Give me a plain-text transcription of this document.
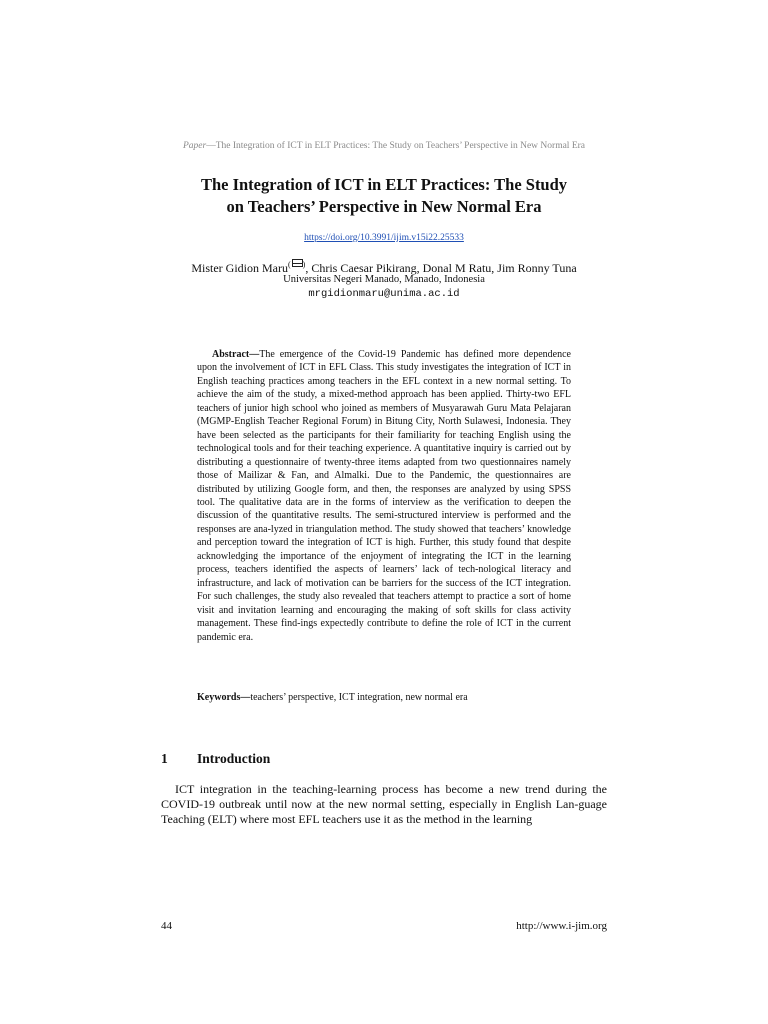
Paper—The Integration of ICT in ELT Practices: The Study on Teachers’ Perspective in New Normal Era
The Integration of ICT in ELT Practices: The Study
on Teachers’ Perspective in New Normal Era
https://doi.org/10.3991/ijim.v15i22.25533
Mister Gidion Maru( ), Chris Caesar Pikirang, Donal M Ratu, Jim Ronny Tuna
Universitas Negeri Manado, Manado, Indonesia
mrgidionmaru@unima.ac.id

Abstract—The emergence of the Covid-19 Pandemic has defined more dependence upon the involvement of ICT in EFL Class. This study investigates the integration of ICT in English teaching practices among teachers in the EFL context in a new normal setting. To achieve the aim of the study, a mixed-method approach has been applied. Thirty-two EFL teachers of junior high school who joined as members of Musyarawah Guru Mata Pelajaran (MGMP-English Teacher Regional Forum) in Bitung City, North Sulawesi, Indonesia. They have been selected as the participants for their familiarity for teaching English using the technological tools and for their teaching experience. A quantitative inquiry is carried out by distributing a questionnaire of twenty-three items adapted from two questionnaires namely those of Mailizar & Fan, and Almalki. Due to the Pandemic, the questionnaires are distributed by utilizing Google form, and then, the responses are analyzed by using SPSS tool. The qualitative data are in the forms of interview as the verification to deepen the discussion of the quantitative results. The semi-structured interview is performed and the responses are ana-lyzed in triangulation method. The study showed that teachers’ knowledge and perception toward the integration of ICT is high. Further, this study found that despite acknowledging the importance of the enjoyment of integrating the ICT in the learning process, teachers identified the aspects of learners’ lack of tech-nological literacy and infrastructure, and lack of motivation can be barriers for the success of the ICT integration. For such challenges, the study also revealed that teachers attempt to practice a sort of home visit and invitation learning and encouraging the making of soft skills for class activity management. These find-ings expectedly contribute to define the role of ICT in the current pandemic era.

Keywords—teachers’ perspective, ICT integration, new normal era

1 Introduction

ICT integration in the teaching-learning process has become a new trend during the COVID-19 outbreak until now at the new normal setting, especially in English Lan-guage Teaching (ELT) where most EFL teachers use it as the method in the learning

44	http://www.i-jim.org
